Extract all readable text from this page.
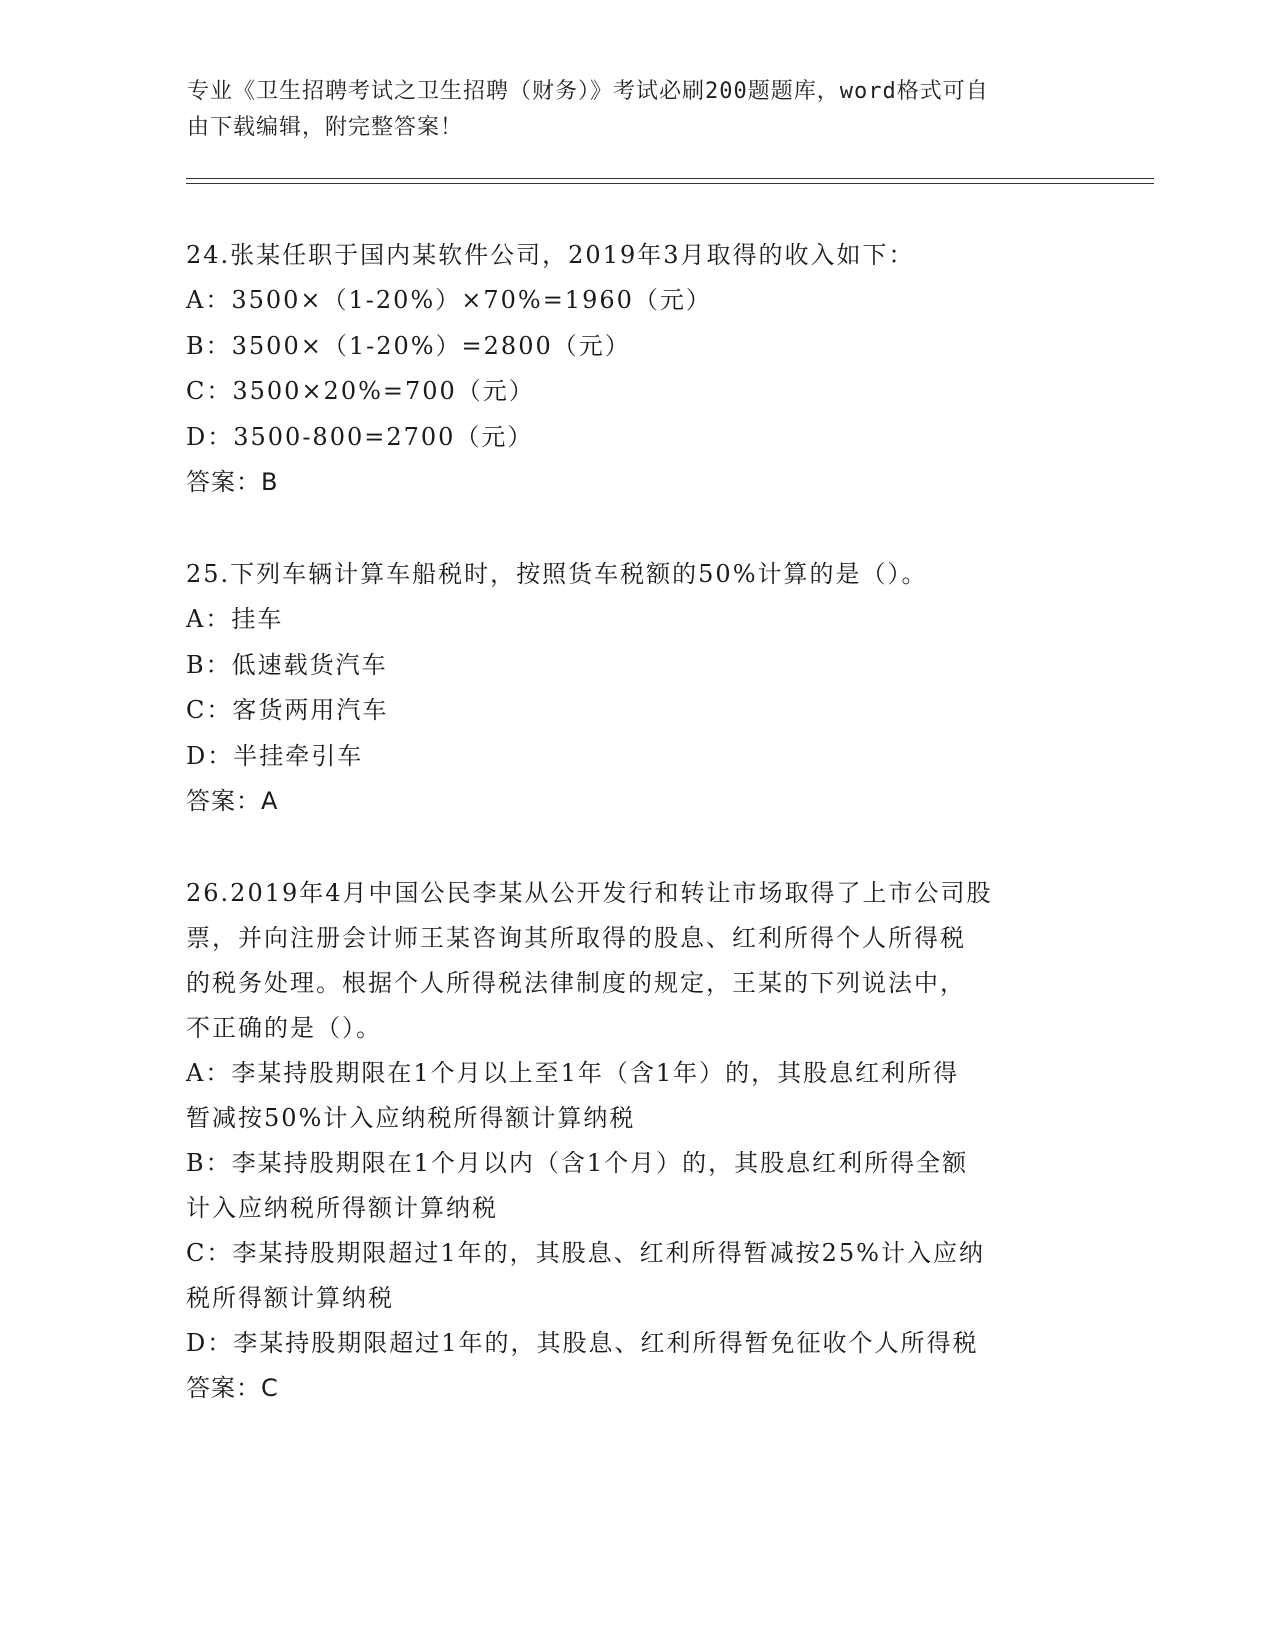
专业《卫生招聘考试之卫生招聘（财务）》考试必刷200题题库，word格式可自
由下载编辑，附完整答案！
24.张某任职于国内某软件公司，2019年3月取得的收入如下：
A：3500×（1-20%）×70%=1960（元）
B：3500×（1-20%）=2800（元）
C：3500×20%=700（元）
D：3500-800=2700（元）
答案：B
25.下列车辆计算车船税时，按照货车税额的50%计算的是（）。
A：挂车
B：低速载货汽车
C：客货两用汽车
D：半挂牵引车
答案：A
26.2019年4月中国公民李某从公开发行和转让市场取得了上市公司股
票，并向注册会计师王某咨询其所取得的股息、红利所得个人所得税
的税务处理。根据个人所得税法律制度的规定，王某的下列说法中，
不正确的是（）。
A：李某持股期限在1个月以上至1年（含1年）的，其股息红利所得
暂减按50%计入应纳税所得额计算纳税
B：李某持股期限在1个月以内（含1个月）的，其股息红利所得全额
计入应纳税所得额计算纳税
C：李某持股期限超过1年的，其股息、红利所得暂减按25%计入应纳
税所得额计算纳税
D：李某持股期限超过1年的，其股息、红利所得暂免征收个人所得税
答案：C
